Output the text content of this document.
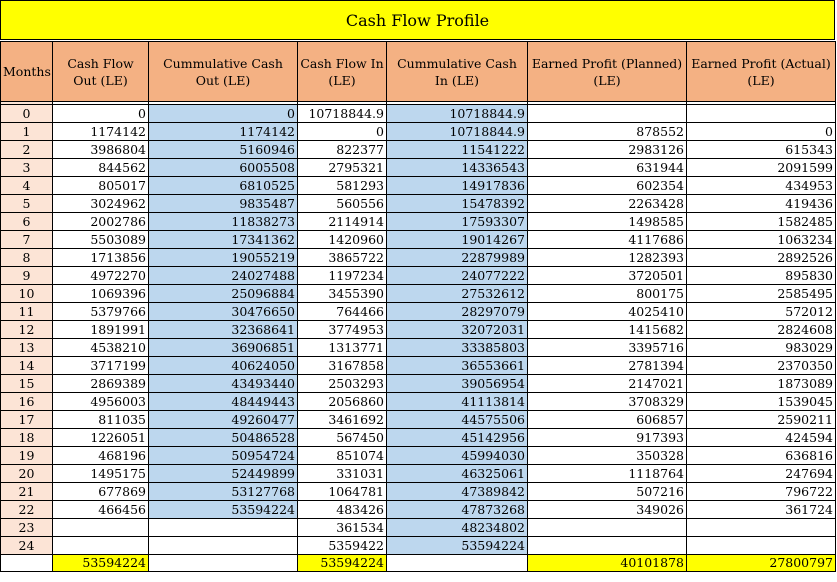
Cash Flow Profile
Months	Cash Flow Out (LE)	Cummulative Cash Out (LE)	Cash Flow In (LE)	Cummulative Cash In (LE)	Earned Profit (Planned) (LE)	Earned Profit (Actual) (LE)

0	0	0	10718844.9	10718844.9		
1	1174142	1174142	0	10718844.9	878552	0
2	3986804	5160946	822377	11541222	2983126	615343
3	844562	6005508	2795321	14336543	631944	2091599
4	805017	6810525	581293	14917836	602354	434953
5	3024962	9835487	560556	15478392	2263428	419436
6	2002786	11838273	2114914	17593307	1498585	1582485
7	5503089	17341362	1420960	19014267	4117686	1063234
8	1713856	19055219	3865722	22879989	1282393	2892526
9	4972270	24027488	1197234	24077222	3720501	895830
10	1069396	25096884	3455390	27532612	800175	2585495
11	5379766	30476650	764466	28297079	4025410	572012
12	1891991	32368641	3774953	32072031	1415682	2824608
13	4538210	36906851	1313771	33385803	3395716	983029
14	3717199	40624050	3167858	36553661	2781394	2370350
15	2869389	43493440	2503293	39056954	2147021	1873089
16	4956003	48449443	2056860	41113814	3708329	1539045
17	811035	49260477	3461692	44575506	606857	2590211
18	1226051	50486528	567450	45142956	917393	424594
19	468196	50954724	851074	45994030	350328	636816
20	1495175	52449899	331031	46325061	1118764	247694
21	677869	53127768	1064781	47389842	507216	796722
22	466456	53594224	483426	47873268	349026	361724
23			361534	48234802		
24			5359422	53594224		
	53594224		53594224		40101878	27800797
